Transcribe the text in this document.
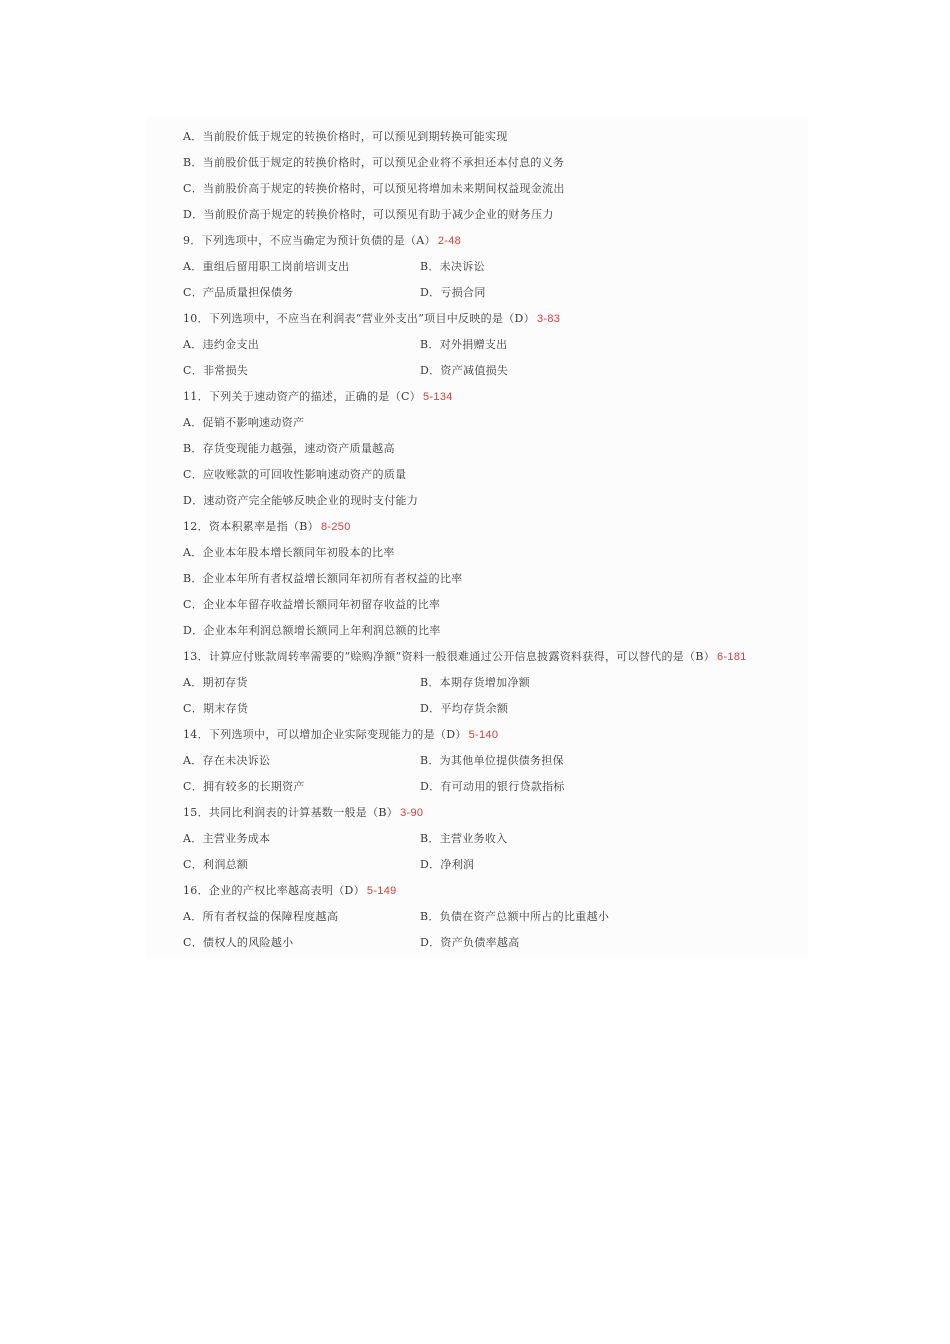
A．当前股价低于规定的转换价格时，可以预见到期转换可能实现
B．当前股价低于规定的转换价格时，可以预见企业将不承担还本付息的义务
C．当前股价高于规定的转换价格时，可以预见将增加未来期间权益现金流出
D．当前股价高于规定的转换价格时，可以预见有助于减少企业的财务压力
9．下列选项中，不应当确定为预计负债的是（A） 2-48
A．重组后留用职工岗前培训支出	B．未决诉讼
C．产品质量担保债务	D．亏损合同
10．下列选项中，不应当在利润表“营业外支出”项目中反映的是（D） 3-83
A．违约金支出	B．对外捐赠支出
C．非常损失	D．资产减值损失
11．下列关于速动资产的描述，正确的是（C） 5-134
A．促销不影响速动资产
B．存货变现能力越强，速动资产质量越高
C．应收账款的可回收性影响速动资产的质量
D．速动资产完全能够反映企业的现时支付能力
12．资本积累率是指（B） 8-250
A．企业本年股本增长额同年初股本的比率
B．企业本年所有者权益增长额同年初所有者权益的比率
C．企业本年留存收益增长额同年初留存收益的比率
D．企业本年利润总额增长额同上年利润总额的比率
13．计算应付账款周转率需要的“赊购净额”资料一般很难通过公开信息披露资料获得，可以替代的是（B） 6-181
A．期初存货	B．本期存货增加净额
C．期末存货	D．平均存货余额
14．下列选项中，可以增加企业实际变现能力的是（D） 5-140
A．存在未决诉讼	B．为其他单位提供债务担保
C．拥有较多的长期资产	D．有可动用的银行贷款指标
15．共同比利润表的计算基数一般是（B） 3-90
A．主营业务成本	B．主营业务收入
C．利润总额	D．净利润
16．企业的产权比率越高表明（D） 5-149
A．所有者权益的保障程度越高	B．负债在资产总额中所占的比重越小
C．债权人的风险越小	D．资产负债率越高
